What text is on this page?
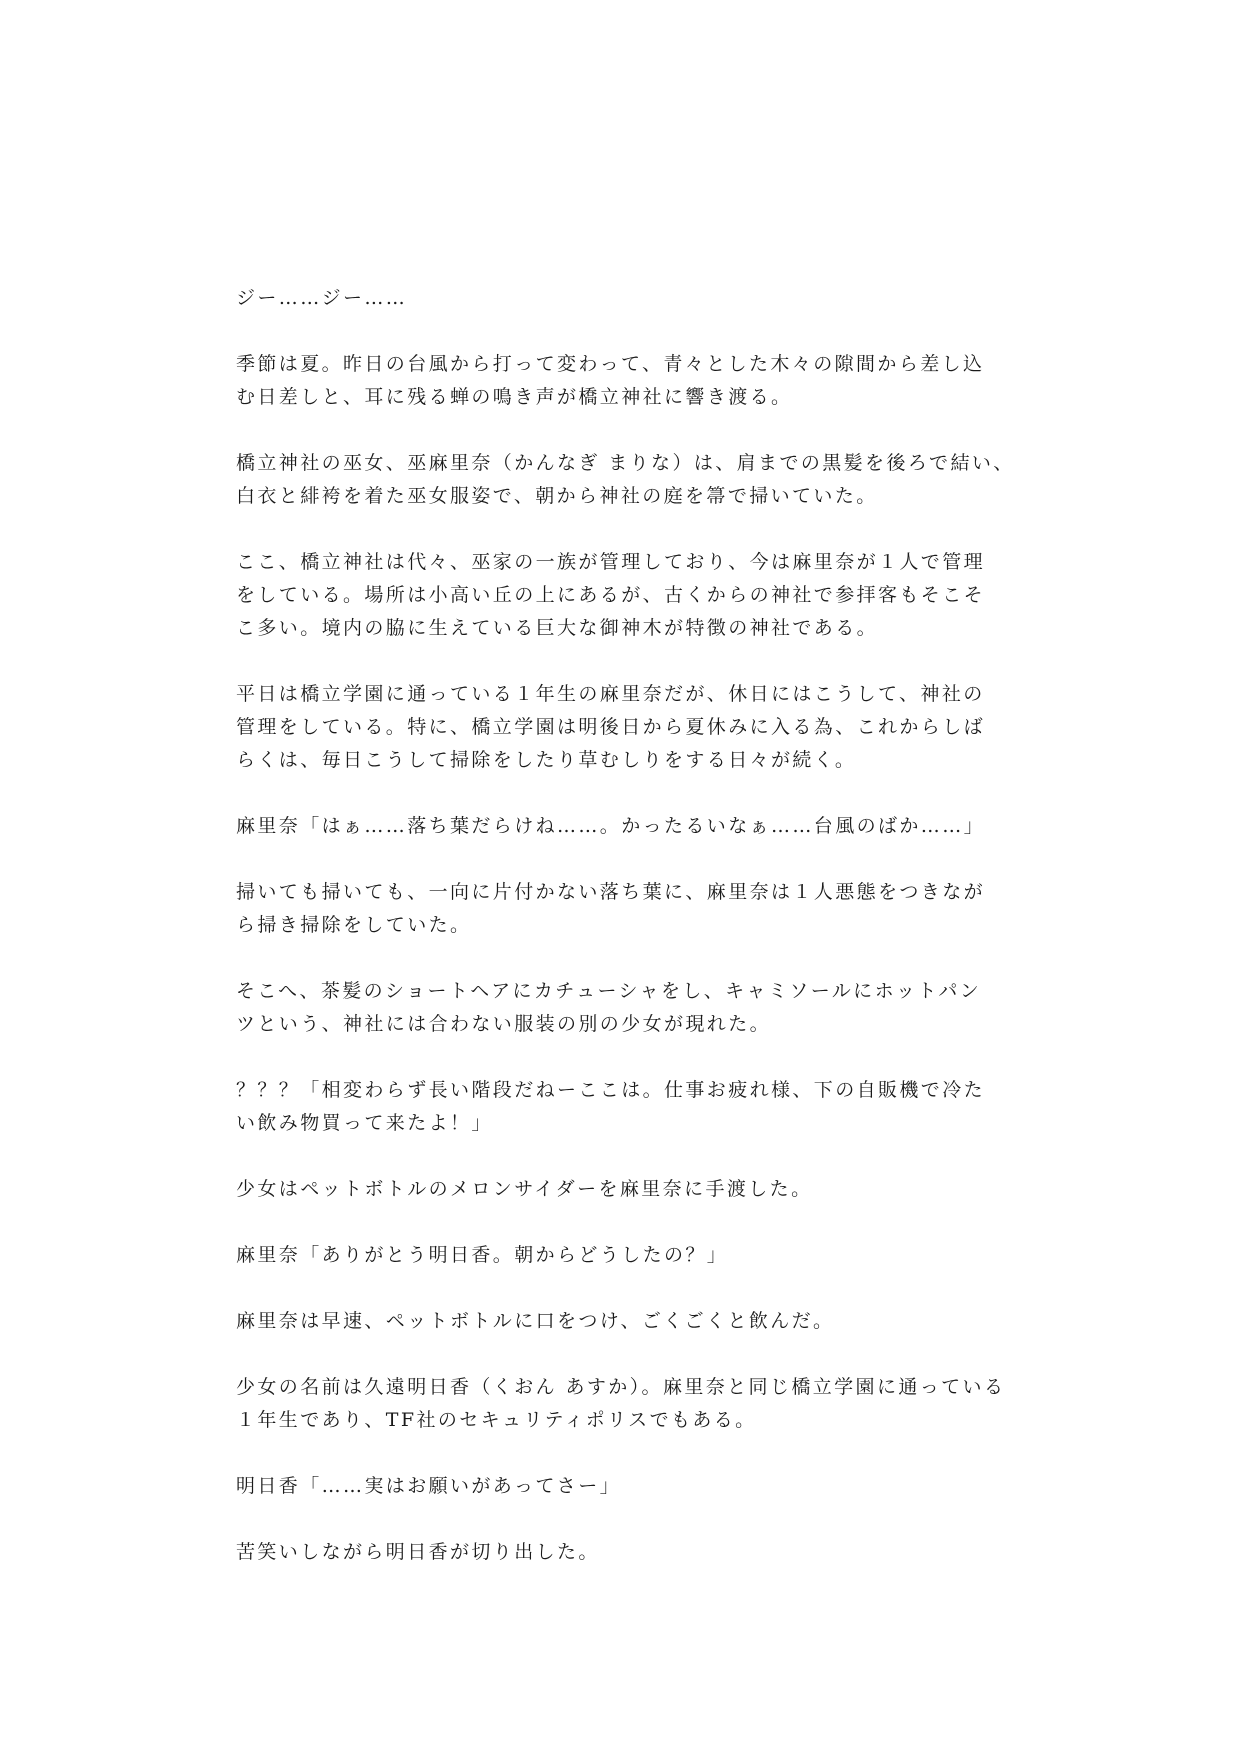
ジー……ジー……

季節は夏。昨日の台風から打って変わって、青々とした木々の隙間から差し込
む日差しと、耳に残る蝉の鳴き声が橋立神社に響き渡る。

橋立神社の巫女、巫麻里奈（かんなぎ まりな）は、肩までの黒髪を後ろで結い、
白衣と緋袴を着た巫女服姿で、朝から神社の庭を箒で掃いていた。

ここ、橋立神社は代々、巫家の一族が管理しており、今は麻里奈が１人で管理
をしている。場所は小高い丘の上にあるが、古くからの神社で参拝客もそこそ
こ多い。境内の脇に生えている巨大な御神木が特徴の神社である。

平日は橋立学園に通っている１年生の麻里奈だが、休日にはこうして、神社の
管理をしている。特に、橋立学園は明後日から夏休みに入る為、これからしば
らくは、毎日こうして掃除をしたり草むしりをする日々が続く。

麻里奈「はぁ……落ち葉だらけね……。かったるいなぁ……台風のばか……」

掃いても掃いても、一向に片付かない落ち葉に、麻里奈は１人悪態をつきなが
ら掃き掃除をしていた。

そこへ、茶髪のショートヘアにカチューシャをし、キャミソールにホットパン
ツという、神社には合わない服装の別の少女が現れた。

？？？「相変わらず長い階段だねーここは。仕事お疲れ様、下の自販機で冷た
い飲み物買って来たよ！」

少女はペットボトルのメロンサイダーを麻里奈に手渡した。

麻里奈「ありがとう明日香。朝からどうしたの？」

麻里奈は早速、ペットボトルに口をつけ、ごくごくと飲んだ。

少女の名前は久遠明日香（くおん あすか）。麻里奈と同じ橋立学園に通っている
１年生であり、TF社のセキュリティポリスでもある。

明日香「……実はお願いがあってさー」

苦笑いしながら明日香が切り出した。
